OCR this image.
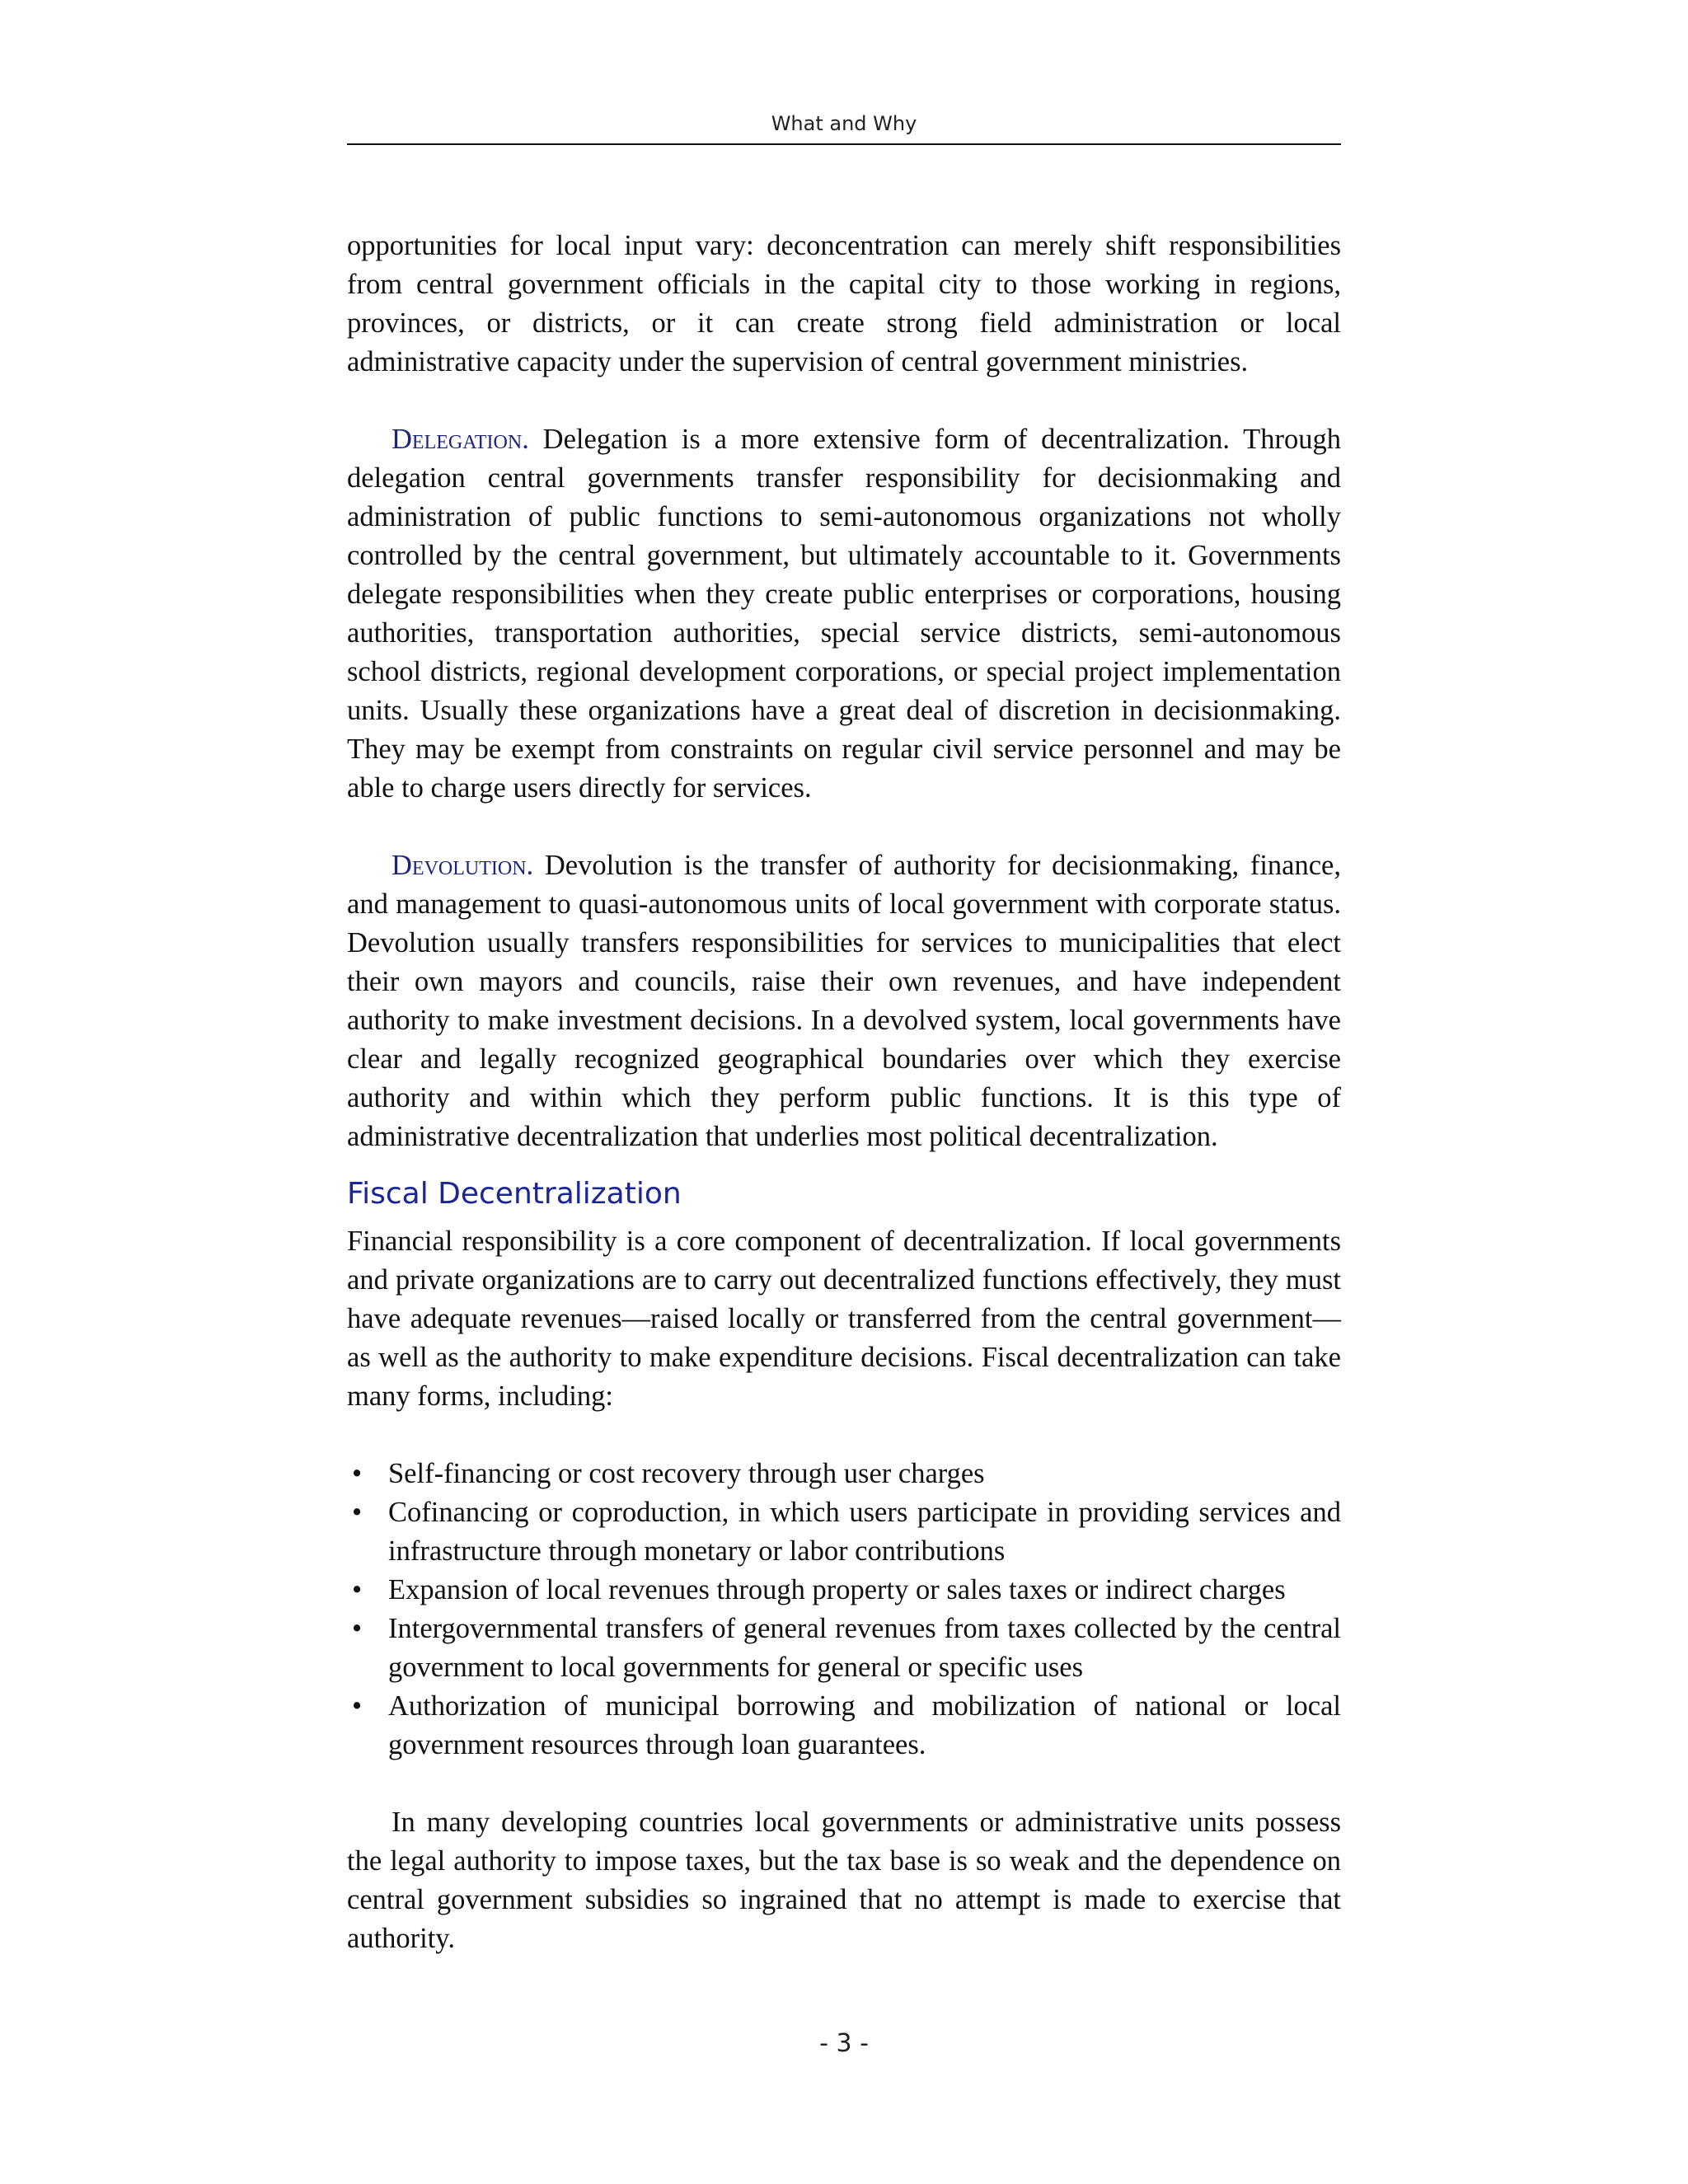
What and Why

opportunities for local input vary: deconcentration can merely shift responsibilities from central government officials in the capital city to those working in regions, provinces, or districts, or it can create strong field administration or local administrative capacity under the supervision of central government ministries.

Delegation. Delegation is a more extensive form of decentralization. Through delegation central governments transfer responsibility for decisionmaking and administration of public functions to semi-autonomous organizations not wholly controlled by the central government, but ultimately accountable to it. Governments delegate responsibilities when they create public enterprises or corporations, housing authorities, transportation authorities, special service districts, semi-autonomous school districts, regional development corporations, or special project implementation units. Usually these organizations have a great deal of discretion in decisionmaking. They may be exempt from constraints on regular civil service personnel and may be able to charge users directly for services.

Devolution. Devolution is the transfer of authority for decisionmaking, finance, and management to quasi-autonomous units of local government with corporate status. Devolution usually transfers responsibilities for services to municipalities that elect their own mayors and councils, raise their own revenues, and have independent authority to make investment decisions. In a devolved system, local governments have clear and legally recognized geographical boundaries over which they exercise authority and within which they perform public functions. It is this type of administrative decentralization that underlies most political decentralization.

Fiscal Decentralization

Financial responsibility is a core component of decentralization. If local governments and private organizations are to carry out decentralized functions effectively, they must have adequate revenues—raised locally or transferred from the central government—as well as the authority to make expenditure decisions. Fiscal decentralization can take many forms, including:

• Self-financing or cost recovery through user charges
• Cofinancing or coproduction, in which users participate in providing services and infrastructure through monetary or labor contributions
• Expansion of local revenues through property or sales taxes or indirect charges
• Intergovernmental transfers of general revenues from taxes collected by the central government to local governments for general or specific uses
• Authorization of municipal borrowing and mobilization of national or local government resources through loan guarantees.

In many developing countries local governments or administrative units possess the legal authority to impose taxes, but the tax base is so weak and the dependence on central government subsidies so ingrained that no attempt is made to exercise that authority.

- 3 -
